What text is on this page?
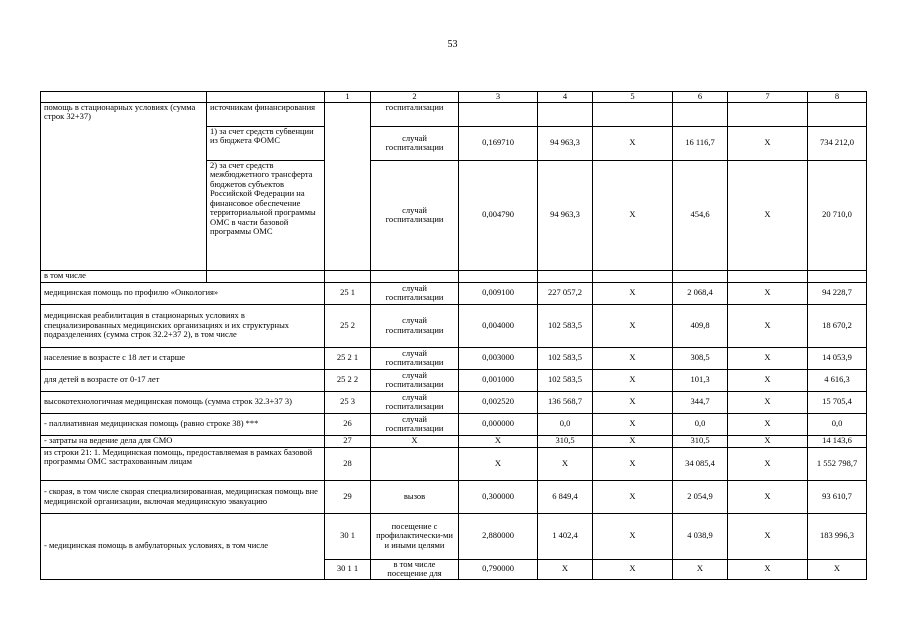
53
		1	2	3	4	5	6	7	8	
помощь в стационарных условиях (сумма строк 32+37)	источникам финансирования		госпитализации							
	1) за счет средств субвенции из бюджета ФОМС		случай госпитализации	0,169710	94 963,3	X	16 116,7	X	734 212,0	
	2) за счет средств межбюджетного трансферта бюджетов субъектов Российской Федерации на финансовое обеспечение территориальной программы ОМС в части базовой программы ОМС		случай госпитализации	0,004790	94 963,3	X	454,6	X	20 710,0	
в том числе										
медицинская помощь по профилю «Онкология»		25 1	случай госпитализации	0,009100	227 057,2	X	2 068,4	X	94 228,7	
медицинская реабилитация в стационарных условиях в специализированных медицинских организациях и их структурных подразделениях (сумма строк 32.2+37 2), в том числе		25 2	случай госпитализации	0,004000	102 583,5	X	409,8	X	18 670,2	
население в возрасте с 18 лет и старше		25 2 1	случай госпитализации	0,003000	102 583,5	X	308,5	X	14 053,9	
для детей в возрасте от 0-17 лет		25 2 2	случай госпитализации	0,001000	102 583,5	X	101,3	X	4 616,3	
высокотехнологичная медицинская помощь (сумма строк 32.3+37 3)		25 3	случай госпитализации	0,002520	136 568,7	X	344,7	X	15 705,4	
- паллиативная медицинская помощь (равно строке 38) ***		26	случай госпитализации	0,000000	0,0	X	0,0	X	0,0	
- затраты на ведение дела для СМО		27	X	X	310,5	X	310,5	X	14 143,6	
из строки 21: 1. Медицинская помощь, предоставляемая в рамках базовой программы ОМС застрахованным лицам		28		X	X	X	34 085,4	X	1 552 798,7	
- скорая, в том числе скорая специализированная, медицинская помощь вне медицинской организации, включая медицинскую эвакуацию		29	вызов	0,300000	6 849,4	X	2 054,9	X	93 610,7	
- медицинская помощь в амбулаторных условиях, в том числе		30 1	посещение с профилактически-ми и иными целями	2,880000	1 402,4	X	4 038,9	X	183 996,3	
		30 1 1	в том числе посещение для	0,790000	X	X	X	X	X	
